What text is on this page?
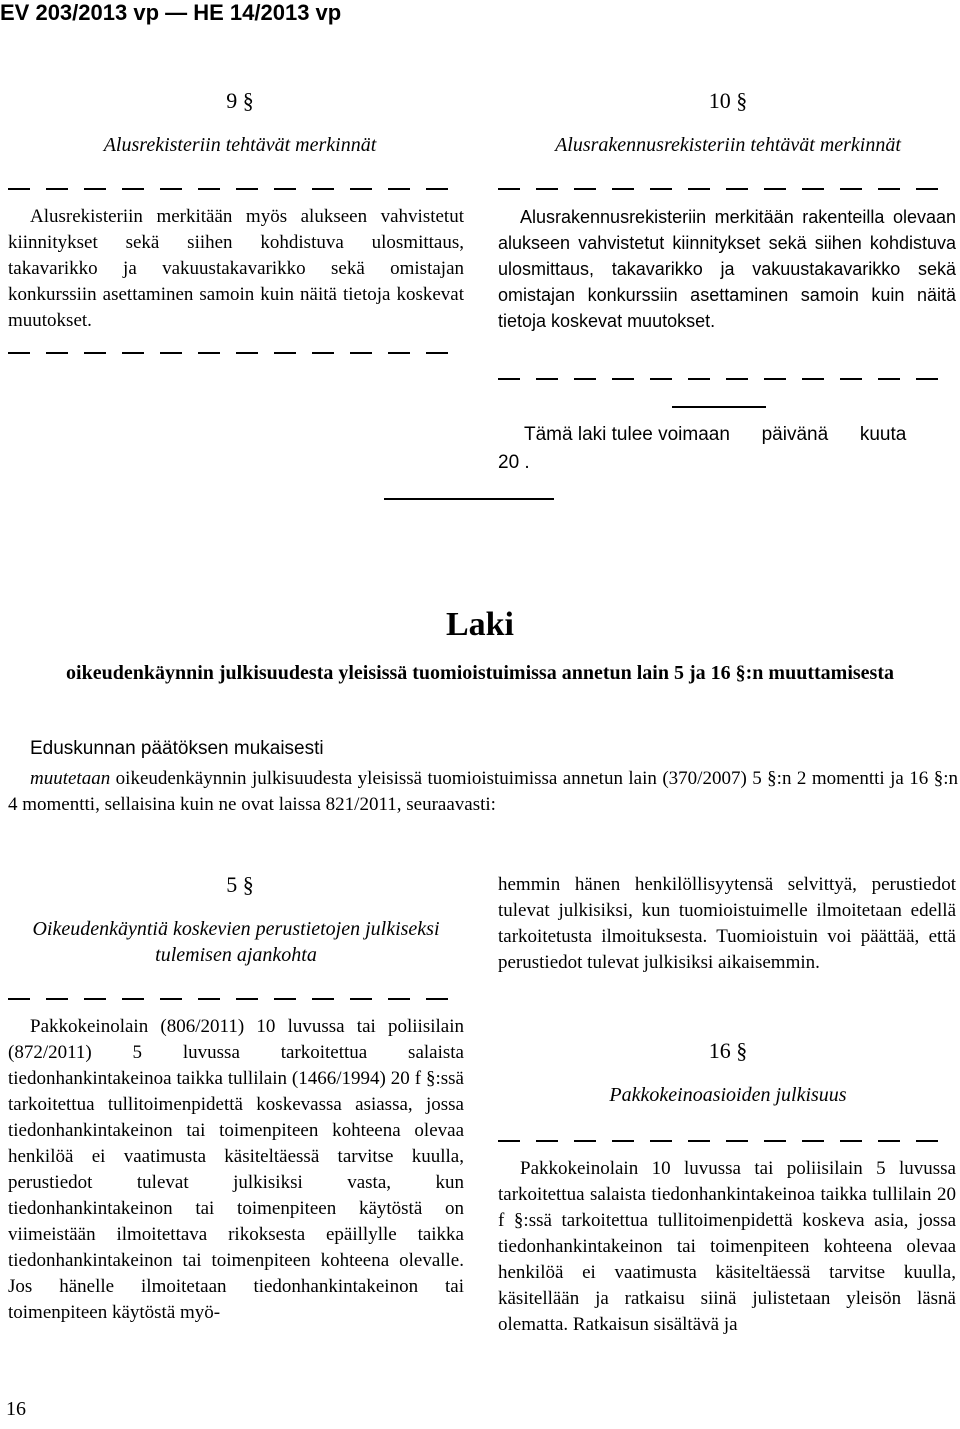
EV 203/2013 vp — HE 14/2013 vp
9 §
Alusrekisteriin tehtävät merkinnät
Alusrekisteriin merkitään myös alukseen vahvistetut kiinnitykset sekä siihen kohdistuva ulosmittaus, takavarikko ja vakuustakavarikko sekä omistajan konkurssiin asettaminen samoin kuin näitä tietoja koskevat muutokset.
10 §
Alusrakennusrekisteriin tehtävät merkinnät
Alusrakennusrekisteriin merkitään rakenteilla olevaan alukseen vahvistetut kiinnitykset sekä siihen kohdistuva ulosmittaus, takavarikko ja vakuustakavarikko sekä omistajan konkurssiin asettaminen samoin kuin näitä tietoja koskevat muutokset.
Tämä laki tulee voimaan      päivänä      kuuta
20 .
Laki
oikeudenkäynnin julkisuudesta yleisissä tuomioistuimissa annetun lain 5 ja 16 §:n muuttamisesta
Eduskunnan päätöksen mukaisesti
muutetaan oikeudenkäynnin julkisuudesta yleisissä tuomioistuimissa annetun lain (370/2007) 5 §:n 2 momentti ja 16 §:n 4 momentti, sellaisina kuin ne ovat laissa 821/2011, seuraavasti:
5 §
Oikeudenkäyntiä koskevien perustietojen julkiseksi tulemisen ajankohta
Pakkokeinolain (806/2011) 10 luvussa tai poliisilain (872/2011) 5 luvussa tarkoitettua salaista tiedonhankintakeinoa taikka tullilain (1466/1994) 20 f §:ssä tarkoitettua tullitoimenpidettä koskevassa asiassa, jossa tiedonhankintakeinon tai toimenpiteen kohteena olevaa henkilöä ei vaatimusta käsiteltäessä tarvitse kuulla, perustiedot tulevat julkisiksi vasta, kun tiedonhankintakeinon tai toimenpiteen käytöstä on viimeistään ilmoitettava rikoksesta epäillylle taikka tiedonhankintakeinon tai toimenpiteen kohteena olevalle. Jos hänelle ilmoitetaan tiedonhankintakeinon tai toimenpiteen käytöstä myö-
hemmin hänen henkilöllisyytensä selvittyä, perustiedot tulevat julkisiksi, kun tuomioistuimelle ilmoitetaan edellä tarkoitetusta ilmoituksesta. Tuomioistuin voi päättää, että perustiedot tulevat julkisiksi aikaisemmin.
16 §
Pakkokeinoasioiden julkisuus
Pakkokeinolain 10 luvussa tai poliisilain 5 luvussa tarkoitettua salaista tiedonhankintakeinoa taikka tullilain 20 f §:ssä tarkoitettua tullitoimenpidettä koskeva asia, jossa tiedonhankintakeinon tai toimenpiteen kohteena olevaa henkilöä ei vaatimusta käsiteltäessä tarvitse kuulla, käsitellään ja ratkaisu siinä julistetaan yleisön läsnä olematta. Ratkaisun sisältävä ja
16
